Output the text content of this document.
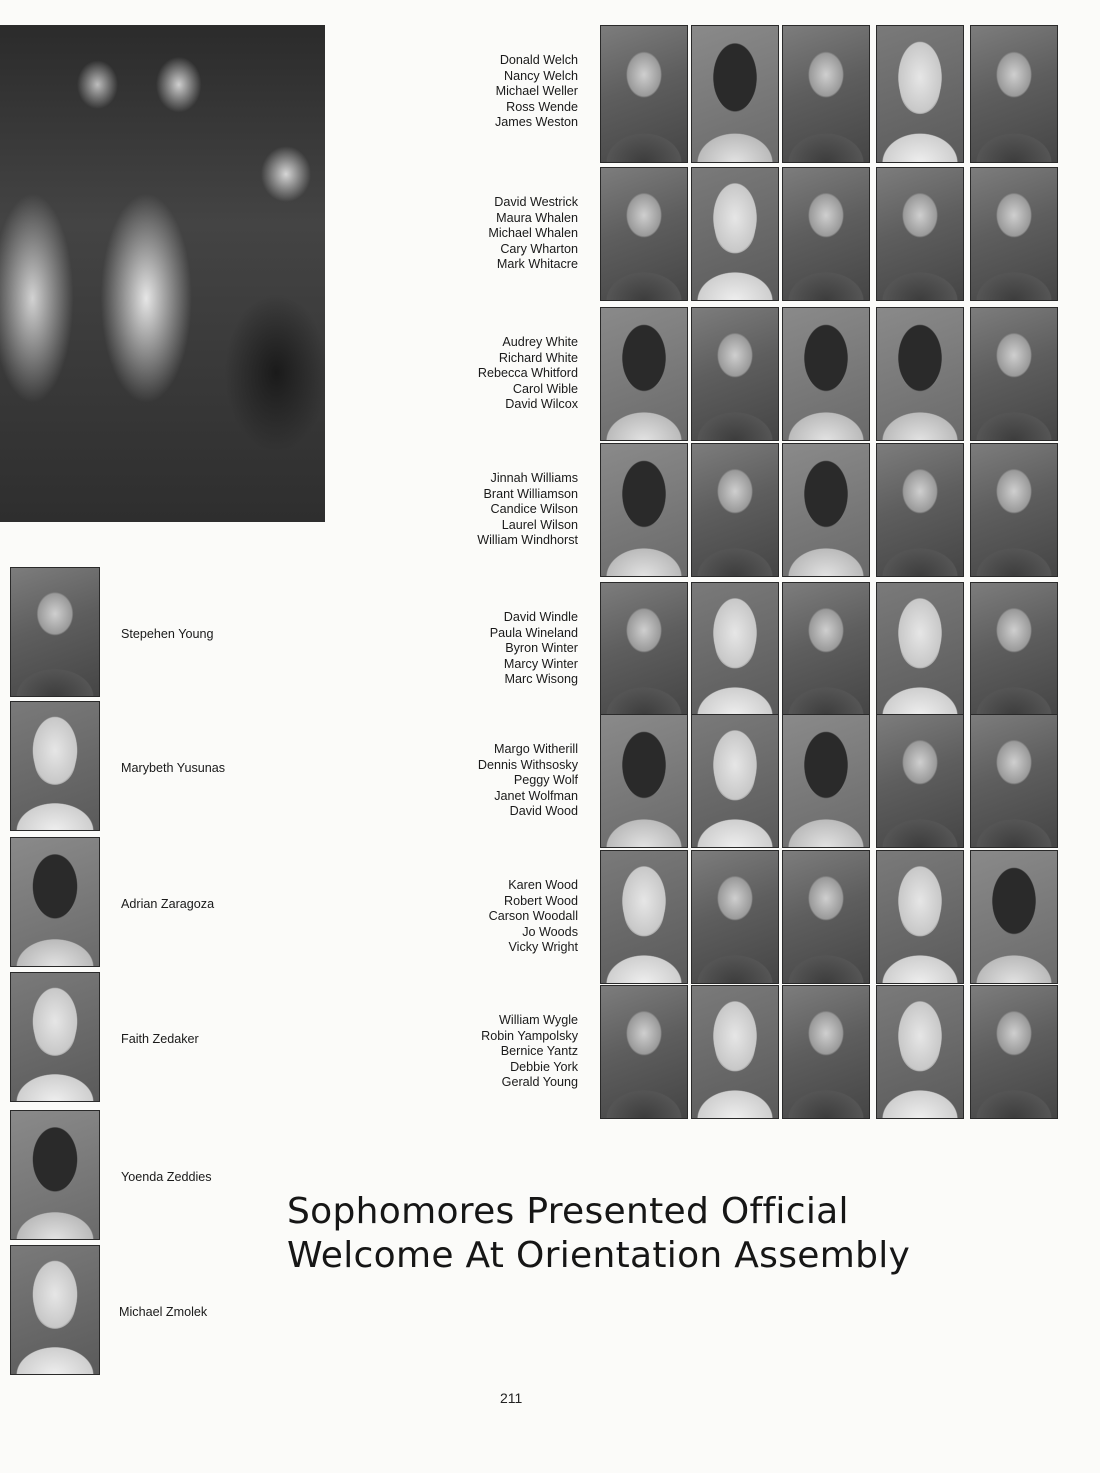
Donald Welch
Nancy Welch
Michael Weller
Ross Wende
James Weston
David Westrick
Maura Whalen
Michael Whalen
Cary Wharton
Mark Whitacre
Audrey White
Richard White
Rebecca Whitford
Carol Wible
David Wilcox
Jinnah Williams
Brant Williamson
Candice Wilson
Laurel Wilson
William Windhorst
David Windle
Paula Wineland
Byron Winter
Marcy Winter
Marc Wisong
Margo Witherill
Dennis Withsosky
Peggy Wolf
Janet Wolfman
David Wood
Karen Wood
Robert Wood
Carson Woodall
Jo Woods
Vicky Wright
William Wygle
Robin Yampolsky
Bernice Yantz
Debbie York
Gerald Young
Stepehen Young
Marybeth Yusunas
Adrian Zaragoza
Faith Zedaker
Yoenda Zeddies
Michael Zmolek
Sophomores Presented Official
Welcome At Orientation Assembly
211
